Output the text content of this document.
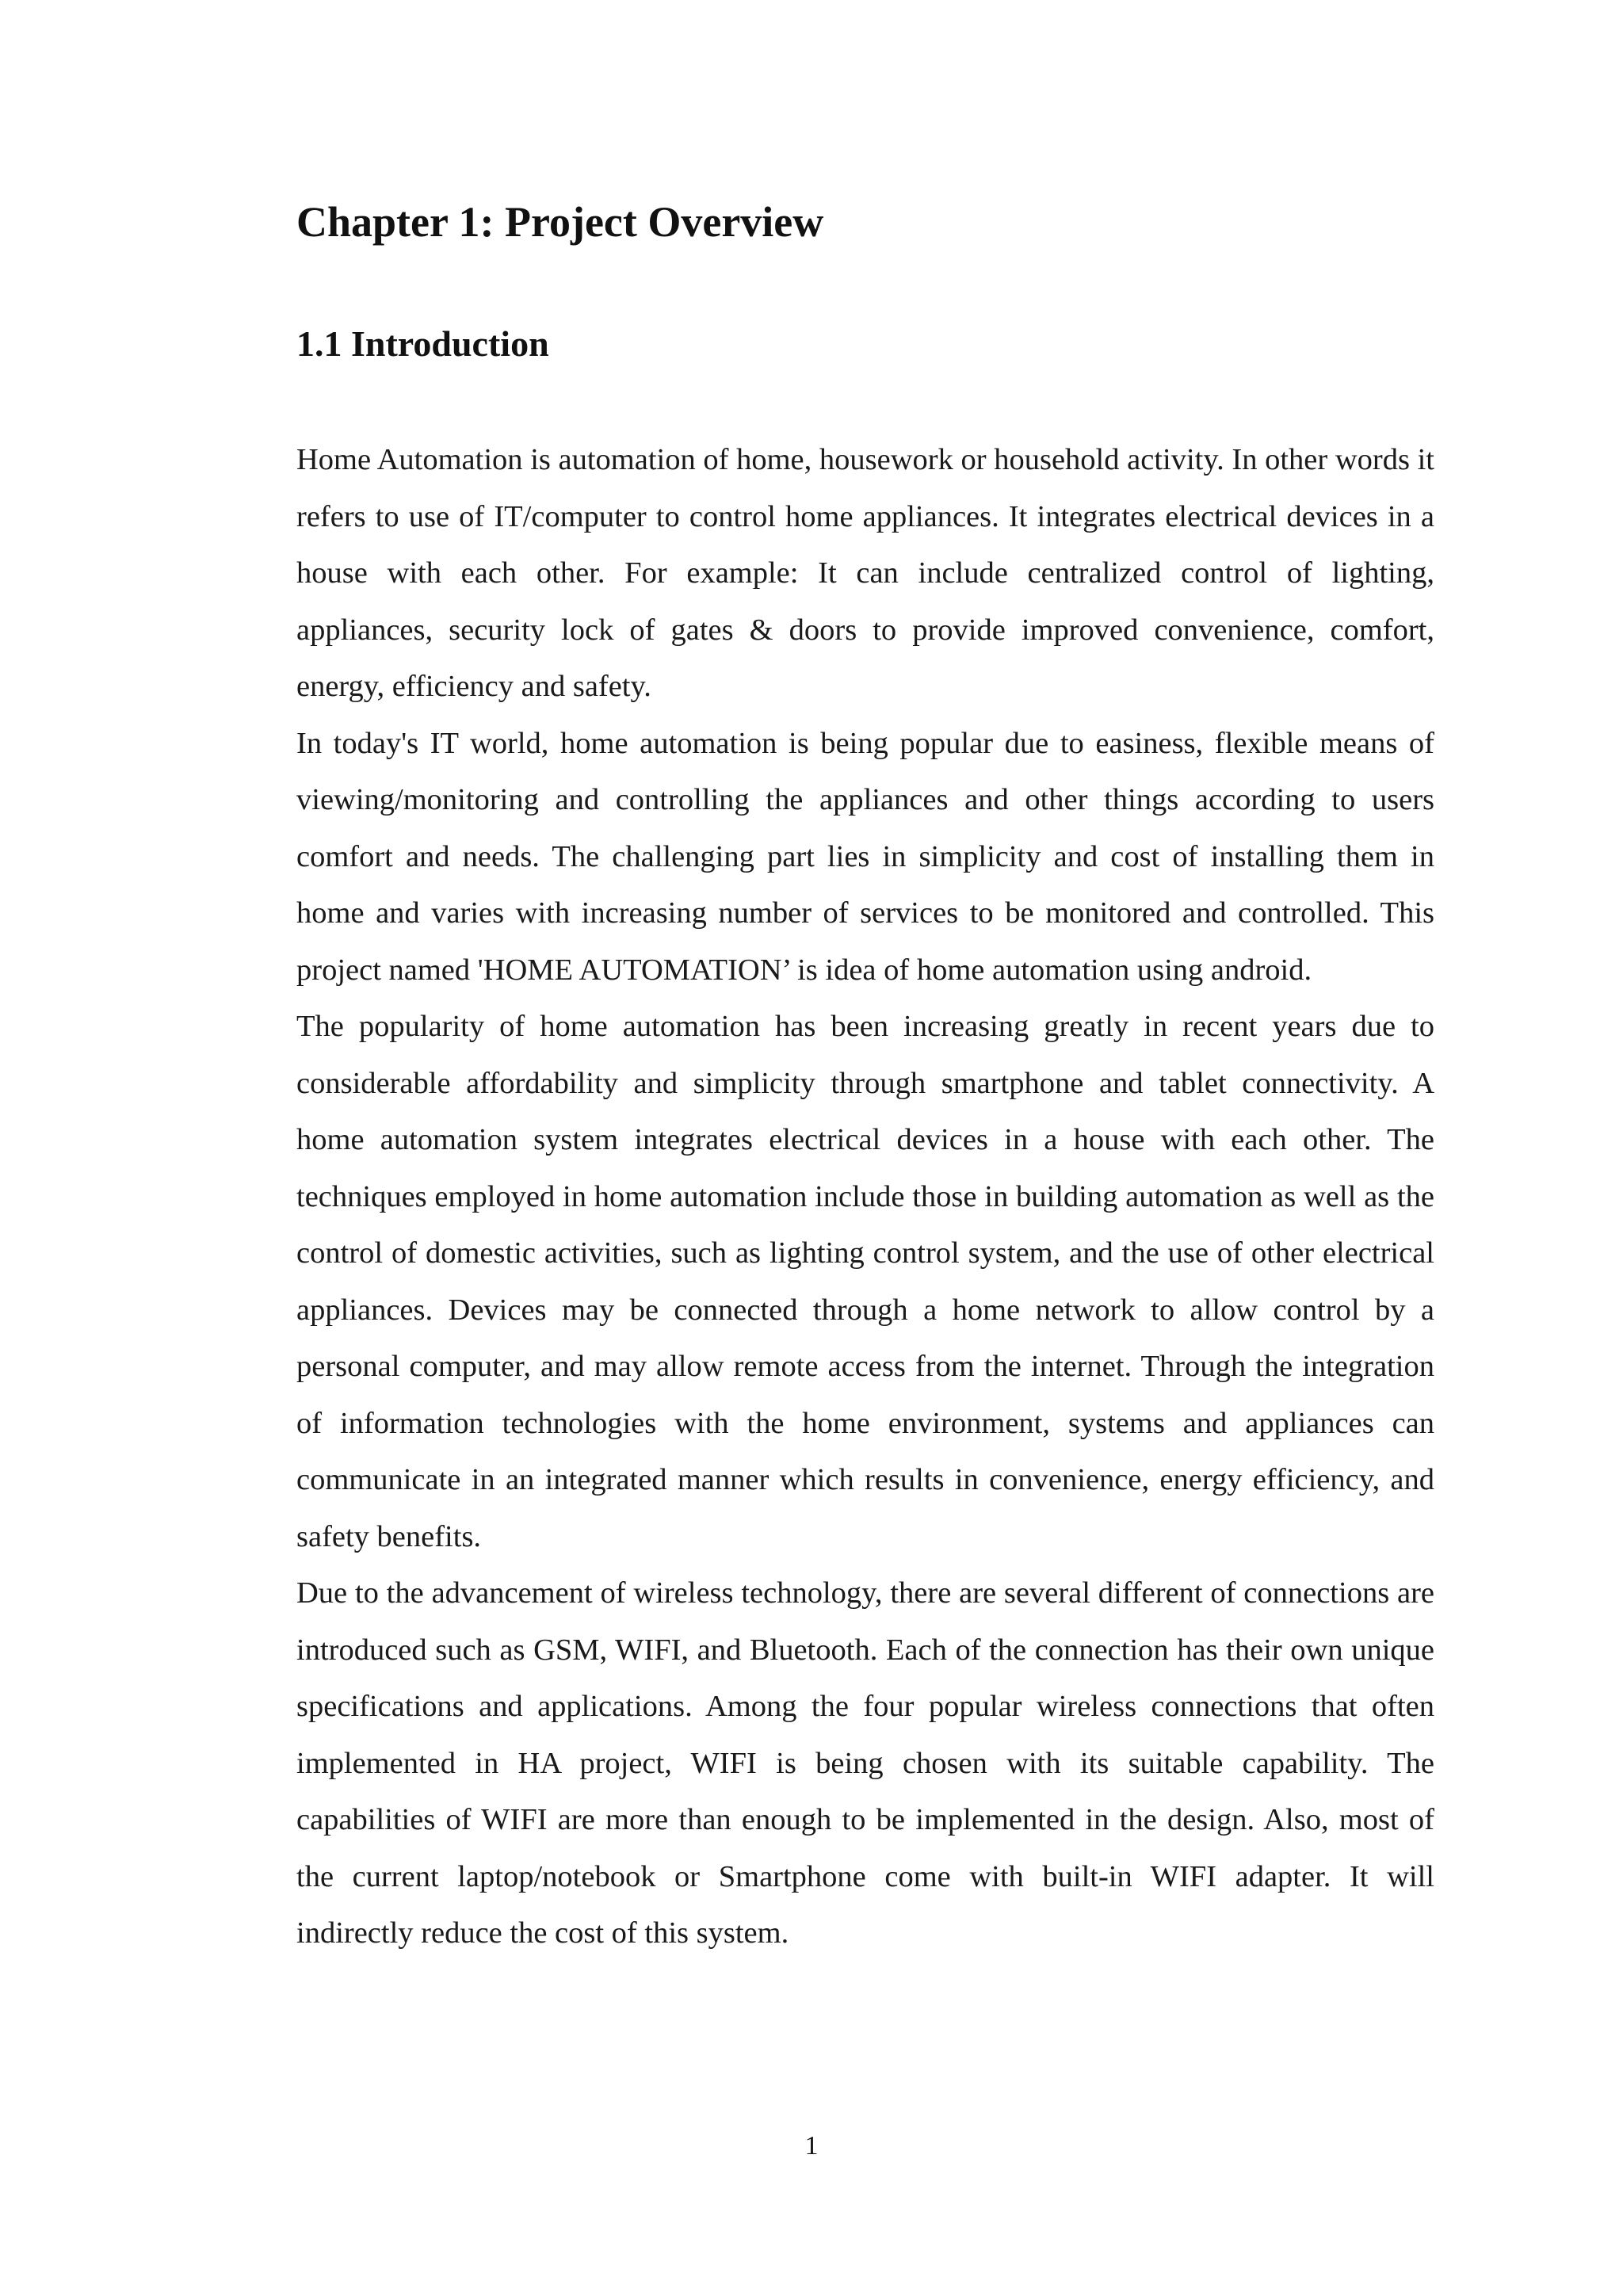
Chapter 1: Project Overview
1.1 Introduction

Home Automation is automation of home, housework or household activity. In other words it refers to use of IT/computer to control home appliances. It integrates electrical devices in a house with each other. For example: It can include centralized control of lighting, appliances, security lock of gates & doors to provide improved convenience, comfort, energy, efficiency and safety.

In today's IT world, home automation is being popular due to easiness, flexible means of viewing/monitoring and controlling the appliances and other things according to users comfort and needs. The challenging part lies in simplicity and cost of installing them in home and varies with increasing number of services to be monitored and controlled. This project named 'HOME AUTOMATION’ is idea of home automation using android.

The popularity of home automation has been increasing greatly in recent years due to considerable affordability and simplicity through smartphone and tablet connectivity. A home automation system integrates electrical devices in a house with each other. The techniques employed in home automation include those in building automation as well as the control of domestic activities, such as lighting control system, and the use of other electrical appliances. Devices may be connected through a home network to allow control by a personal computer, and may allow remote access from the internet. Through the integration of information technologies with the home environment, systems and appliances can communicate in an integrated manner which results in convenience, energy efficiency, and safety benefits.

Due to the advancement of wireless technology, there are several different of connections are introduced such as GSM, WIFI, and Bluetooth. Each of the connection has their own unique specifications and applications. Among the four popular wireless connections that often implemented in HA project, WIFI is being chosen with its suitable capability. The capabilities of WIFI are more than enough to be implemented in the design. Also, most of the current laptop/notebook or Smartphone come with built-in WIFI adapter. It will indirectly reduce the cost of this system.

1
